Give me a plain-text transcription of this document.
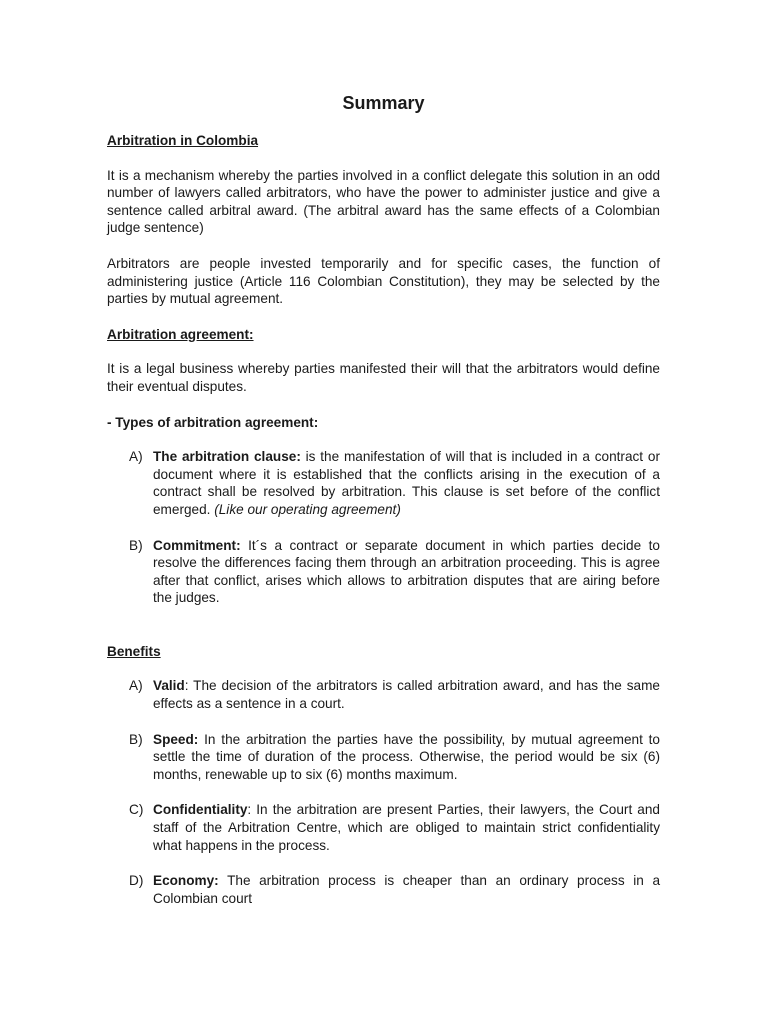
Summary
Arbitration in Colombia

It is a mechanism whereby the parties involved in a conflict delegate this solution in an odd number of lawyers called arbitrators, who have the power to administer justice and give a sentence called arbitral award. (The arbitral award has the same effects of a Colombian judge sentence)

Arbitrators are people invested temporarily and for specific cases, the function of administering justice (Article 116 Colombian Constitution), they may be selected by the parties by mutual agreement.

Arbitration agreement:

It is a legal business whereby parties manifested their will that the arbitrators would define their eventual disputes.

- Types of arbitration agreement:
A) The arbitration clause: is the manifestation of will that is included in a contract or document where it is established that the conflicts arising in the execution of a contract shall be resolved by arbitration. This clause is set before of the conflict emerged. (Like our operating agreement)
B) Commitment: It´s a contract or separate document in which parties decide to resolve the differences facing them through an arbitration proceeding. This is agree after that conflict, arises which allows to arbitration disputes that are airing before the judges.
Benefits
A) Valid: The decision of the arbitrators is called arbitration award, and has the same effects as a sentence in a court.
B) Speed: In the arbitration the parties have the possibility, by mutual agreement to settle the time of duration of the process. Otherwise, the period would be six (6) months, renewable up to six (6) months maximum.
C) Confidentiality: In the arbitration are present Parties, their lawyers, the Court and staff of the Arbitration Centre, which are obliged to maintain strict confidentiality what happens in the process.
D) Economy: The arbitration process is cheaper than an ordinary process in a Colombian court
